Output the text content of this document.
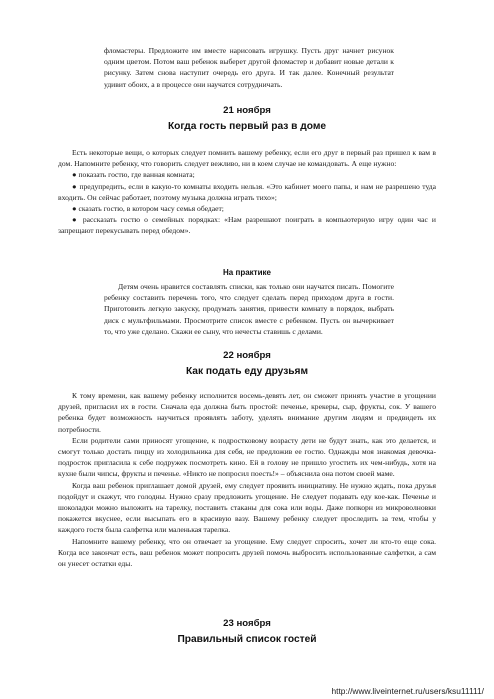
фломастеры. Предложите им вместе нарисовать игрушку. Пусть друг начнет рисунок одним цветом. Потом ваш ребенок выберет другой фломастер и добавит новые детали к рисунку. Затем снова наступит очередь его друга. И так далее. Конечный результат удивит обоих, а в процессе они научатся сотрудничать.

21 ноября
Когда гость первый раз в доме

Есть некоторые вещи, о которых следует помнить вашему ребенку, если его друг в первый раз пришел к вам в дом. Напомните ребенку, что говорить следует вежливо, ни в коем случае не командовать. А еще нужно:

● показать гостю, где ванная комната;

● предупредить, если в какую-то комнаты входить нельзя. «Это кабинет моего папы, и нам не разрешено туда входить. Он сейчас работает, поэтому музыка должна играть тихо»;

● сказать гостю, в котором часу семья обедает;

● рассказать гостю о семейных порядках: «Нам разрешают поиграть в компьютерную игру один час и запрещают перекусывать перед обедом».

На практике

Детям очень нравится составлять списки, как только они научатся писать. Помогите ребенку составить перечень того, что следует сделать перед приходом друга в гости. Приготовить легкую закуску, продумать занятия, привести комнату в порядок, выбрать диск с мультфильмами. Просмотрите список вместе с ребенком. Пусть он вычеркивает то, что уже сделано. Скажи ее сыну, что нечесты ставишь с делами.

22 ноября
Как подать еду друзьям

К тому времени, как вашему ребенку исполнится восемь-девять лет, он сможет принять участие в угощении друзей, пригласил их в гости. Сначала еда должна быть простой: печенье, крекеры, сыр, фрукты, сок. У вашего ребенка будет возможность научиться проявлять заботу, уделять внимание другим людям и предвидеть их потребности.

Если родители сами приносят угощение, к подростковому возрасту дети не будут знать, как это делается, и смогут только достать пиццу из холодильника для себя, не предложив ее гостю. Однажды моя знакомая девочка-подросток пригласила к себе подружек посмотреть кино. Ей в голову не пришло угостить их чем-нибудь, хотя на кухне были чипсы, фрукты и печенье. «Никто не попросил поесть!» – объяснила она потом своей маме.

Когда ваш ребенок приглашает домой друзей, ему следует проявить инициативу. Не нужно ждать, пока друзья подойдут и скажут, что голодны. Нужно сразу предложить угощение. Не следует подавать еду кое-как. Печенье и шоколадки можно выложить на тарелку, поставить стаканы для сока или воды. Даже попкорн из микроволновки покажется вкуснее, если высыпать его в красивую вазу. Вашему ребенку следует проследить за тем, чтобы у каждого гостя была салфетка или маленькая тарелка.

Напомните вашему ребенку, что он отвечает за угощение. Ему следует спросить, хочет ли кто-то еще сока. Когда все закончат есть, ваш ребенок может попросить друзей помочь выбросить использованные салфетки, а сам он унесет остатки еды.

23 ноября
Правильный список гостей
http://www.liveinternet.ru/users/ksu11111/
